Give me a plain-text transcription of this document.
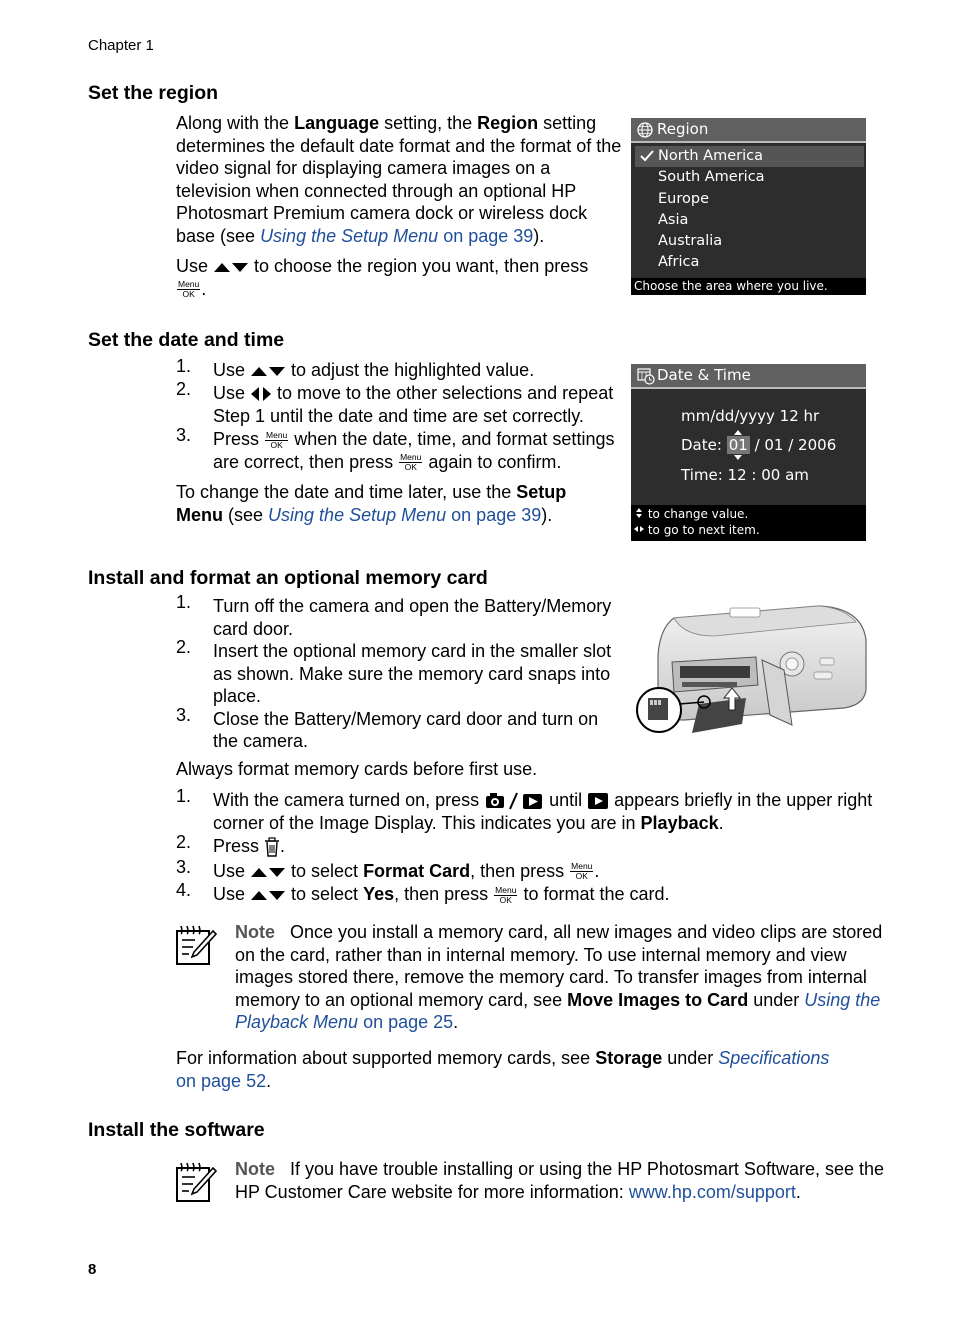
Chapter 1
Set the region

Along with the Language setting, the Region setting determines the default date format and the format of the video signal for displaying camera images on a television when connected through an optional HP Photosmart Premium camera dock or wireless dock base (see Using the Setup Menu on page 39).

Use  to choose the region you want, then press

Menu
OK .

Region
North America
South America
Europe
Asia
Australia
Africa
Choose the area where you live.
Set the date and time
1. Use  to adjust the highlighted value.
2. Use  to move to the other selections and repeat Step 1 until the date and time are set correctly.
3. Press Menu
OK when the date, time, and format settings are correct, then press Menu
OK again to confirm.

To change the date and time later, use the Setup Menu (see Using the Setup Menu on page 39).

Date & Time
mm/dd/yyyy 12 hr
Date: 01 / 01 / 2006
Time: 12 : 00 am
to change value.
to go to next item.
Install and format an optional memory card
1. Turn off the camera and open the Battery/Memory card door.
2. Insert the optional memory card in the smaller slot as shown. Make sure the memory card snaps into place.
3. Close the Battery/Memory card door and turn on the camera.

Always format memory cards before first use.

1. With the camera turned on, press	until  appears briefly in the upper right corner of the Image Display. This indicates you are in Playback.
2. Press .
3. Use  to select Format Card, then press Menu
OK .
4. Use  to select Yes, then press Menu
OK to format the card.

Note Once you install a memory card, all new images and video clips are stored on the card, rather than in internal memory. To use internal memory and view images stored there, remove the memory card. To transfer images from internal memory to an optional memory card, see Move Images to Card under Using the Playback Menu on page 25.

For information about supported memory cards, see Storage under Specifications
on page 52.

Install the software

Note If you have trouble installing or using the HP Photosmart Software, see the HP Customer Care website for more information: www.hp.com/support.

8
